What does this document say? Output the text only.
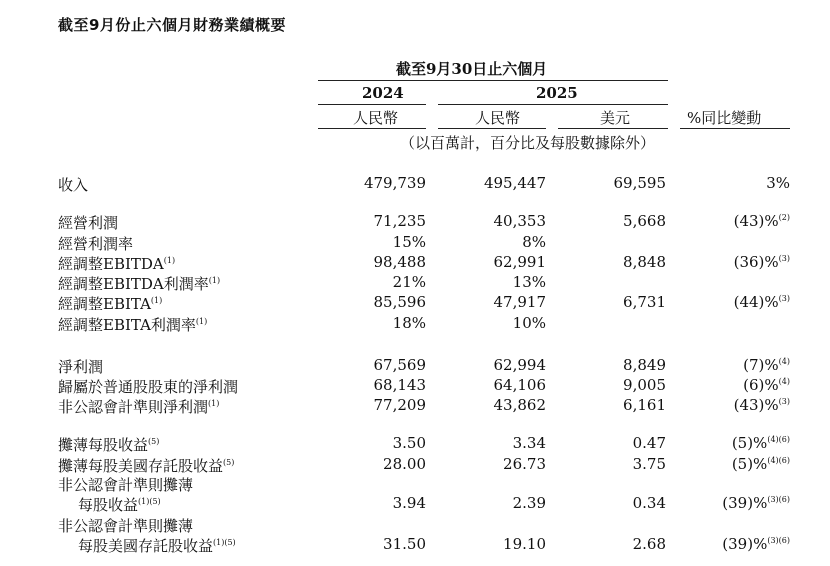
截至9月份止六個月財務業績概要
截至9月30日止六個月
2024	2025
人民幣	人民幣	美元	%同比變動
（以百萬計，百分比及每股數據除外）
收入	479,739	495,447	69,595	3%
經營利潤	71,235	40,353	5,668	(43)%$^{(2)}$
經營利潤率	15%	8%
經調整EBITDA$^{(1)}$	98,488	62,991	8,848	(36)%$^{(3)}$
經調整EBITDA利潤率$^{(1)}$	21%	13%
經調整EBITA$^{(1)}$	85,596	47,917	6,731	(44)%$^{(3)}$
經調整EBITA利潤率$^{(1)}$	18%	10%
淨利潤	67,569	62,994	8,849	(7)%$^{(4)}$
歸屬於普通股股東的淨利潤	68,143	64,106	9,005	(6)%$^{(4)}$
非公認會計準則淨利潤$^{(1)}$	77,209	43,862	6,161	(43)%$^{(3)}$
攤薄每股收益$^{(5)}$	3.50	3.34	0.47	(5)%$^{(4)(6)}$
攤薄每股美國存託股收益$^{(5)}$	28.00	26.73	3.75	(5)%$^{(4)(6)}$
非公認會計準則攤薄
每股收益$^{(1)(5)}$	3.94	2.39	0.34	(39)%$^{(3)(6)}$
非公認會計準則攤薄
每股美國存託股收益$^{(1)(5)}$	31.50	19.10	2.68	(39)%$^{(3)(6)}$
